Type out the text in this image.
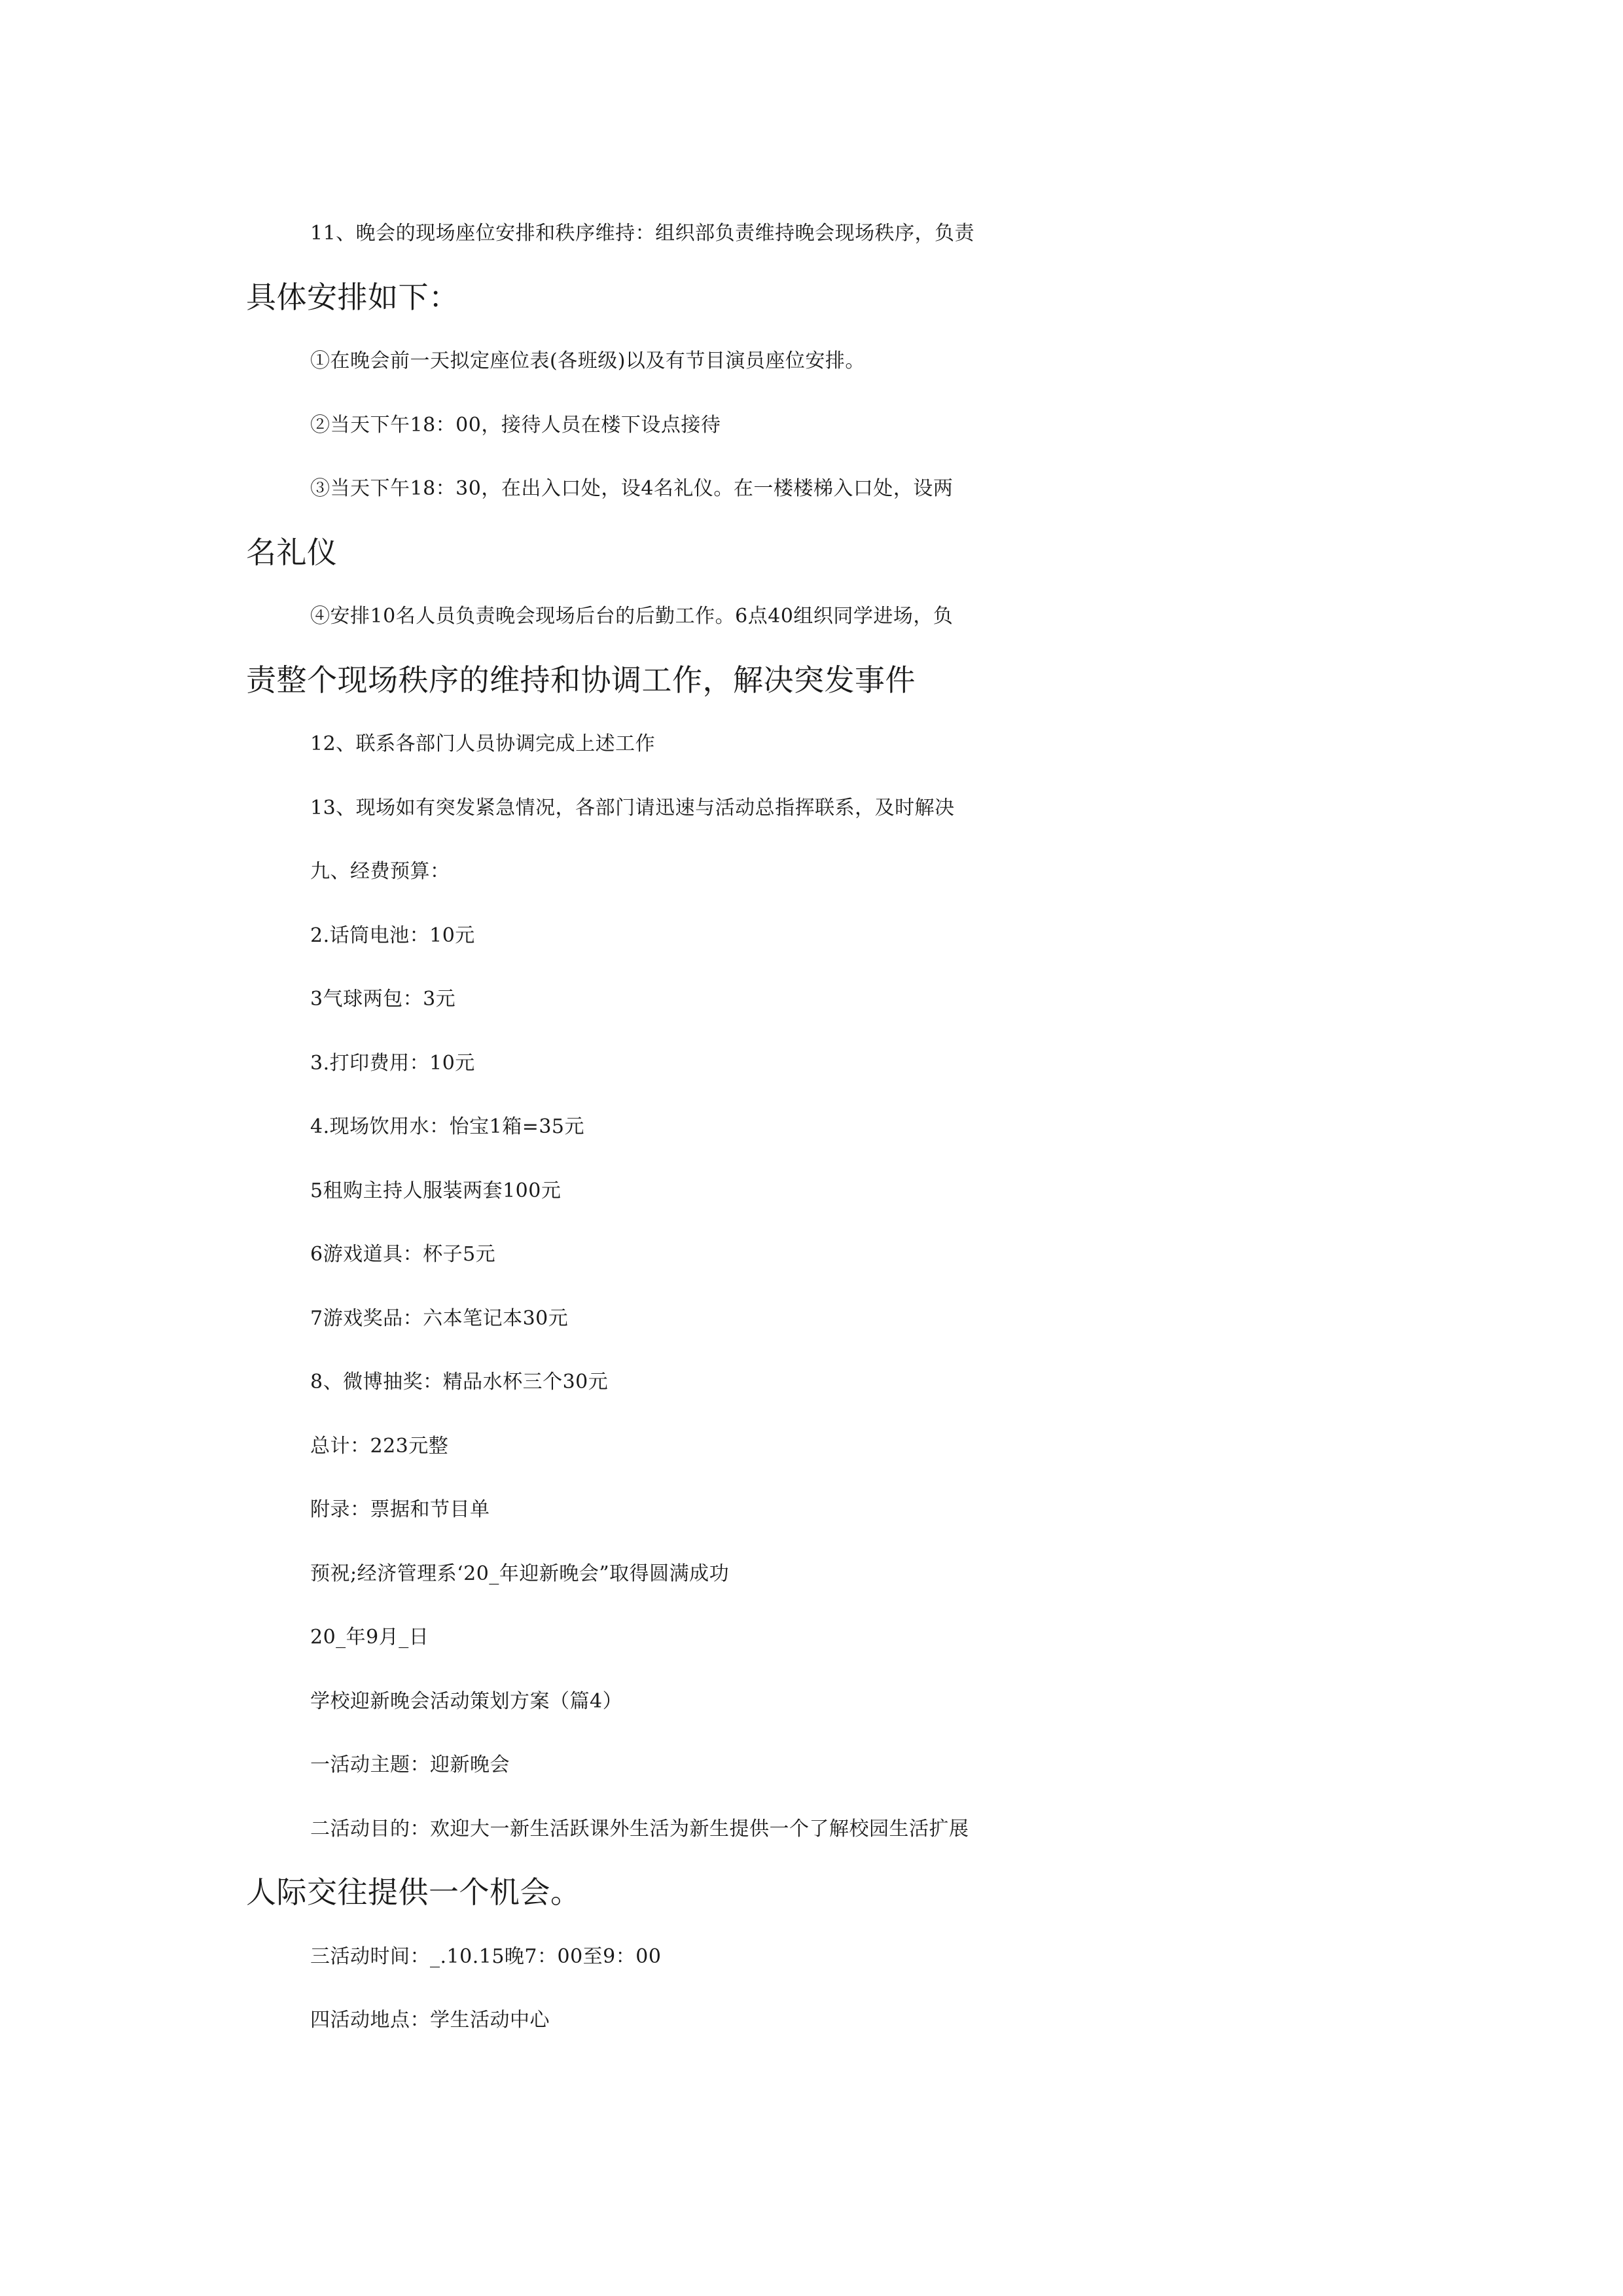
11、晚会的现场座位安排和秩序维持：组织部负责维持晚会现场秩序，负责
具体安排如下：
①在晚会前一天拟定座位表(各班级)以及有节目演员座位安排。
②当天下午18：00，接待人员在楼下设点接待
③当天下午18：30，在出入口处，设4名礼仪。在一楼楼梯入口处，设两
名礼仪
④安排10名人员负责晚会现场后台的后勤工作。6点40组织同学进场，负
责整个现场秩序的维持和协调工作，解决突发事件
12、联系各部门人员协调完成上述工作
13、现场如有突发紧急情况，各部门请迅速与活动总指挥联系，及时解决
九、经费预算：
2.话筒电池：10元
3气球两包：3元
3.打印费用：10元
4.现场饮用水：怡宝1箱=35元
5租购主持人服装两套100元
6游戏道具：杯子5元
7游戏奖品：六本笔记本30元
8、微博抽奖：精品水杯三个30元
总计：223元整
附录：票据和节目单
预祝;经济管理系‘20_年迎新晚会”取得圆满成功
20_年9月_日
学校迎新晚会活动策划方案（篇4）
一活动主题：迎新晚会
二活动目的：欢迎大一新生活跃课外生活为新生提供一个了解校园生活扩展
人际交往提供一个机会。
三活动时间：_.10.15晚7：00至9：00
四活动地点：学生活动中心
